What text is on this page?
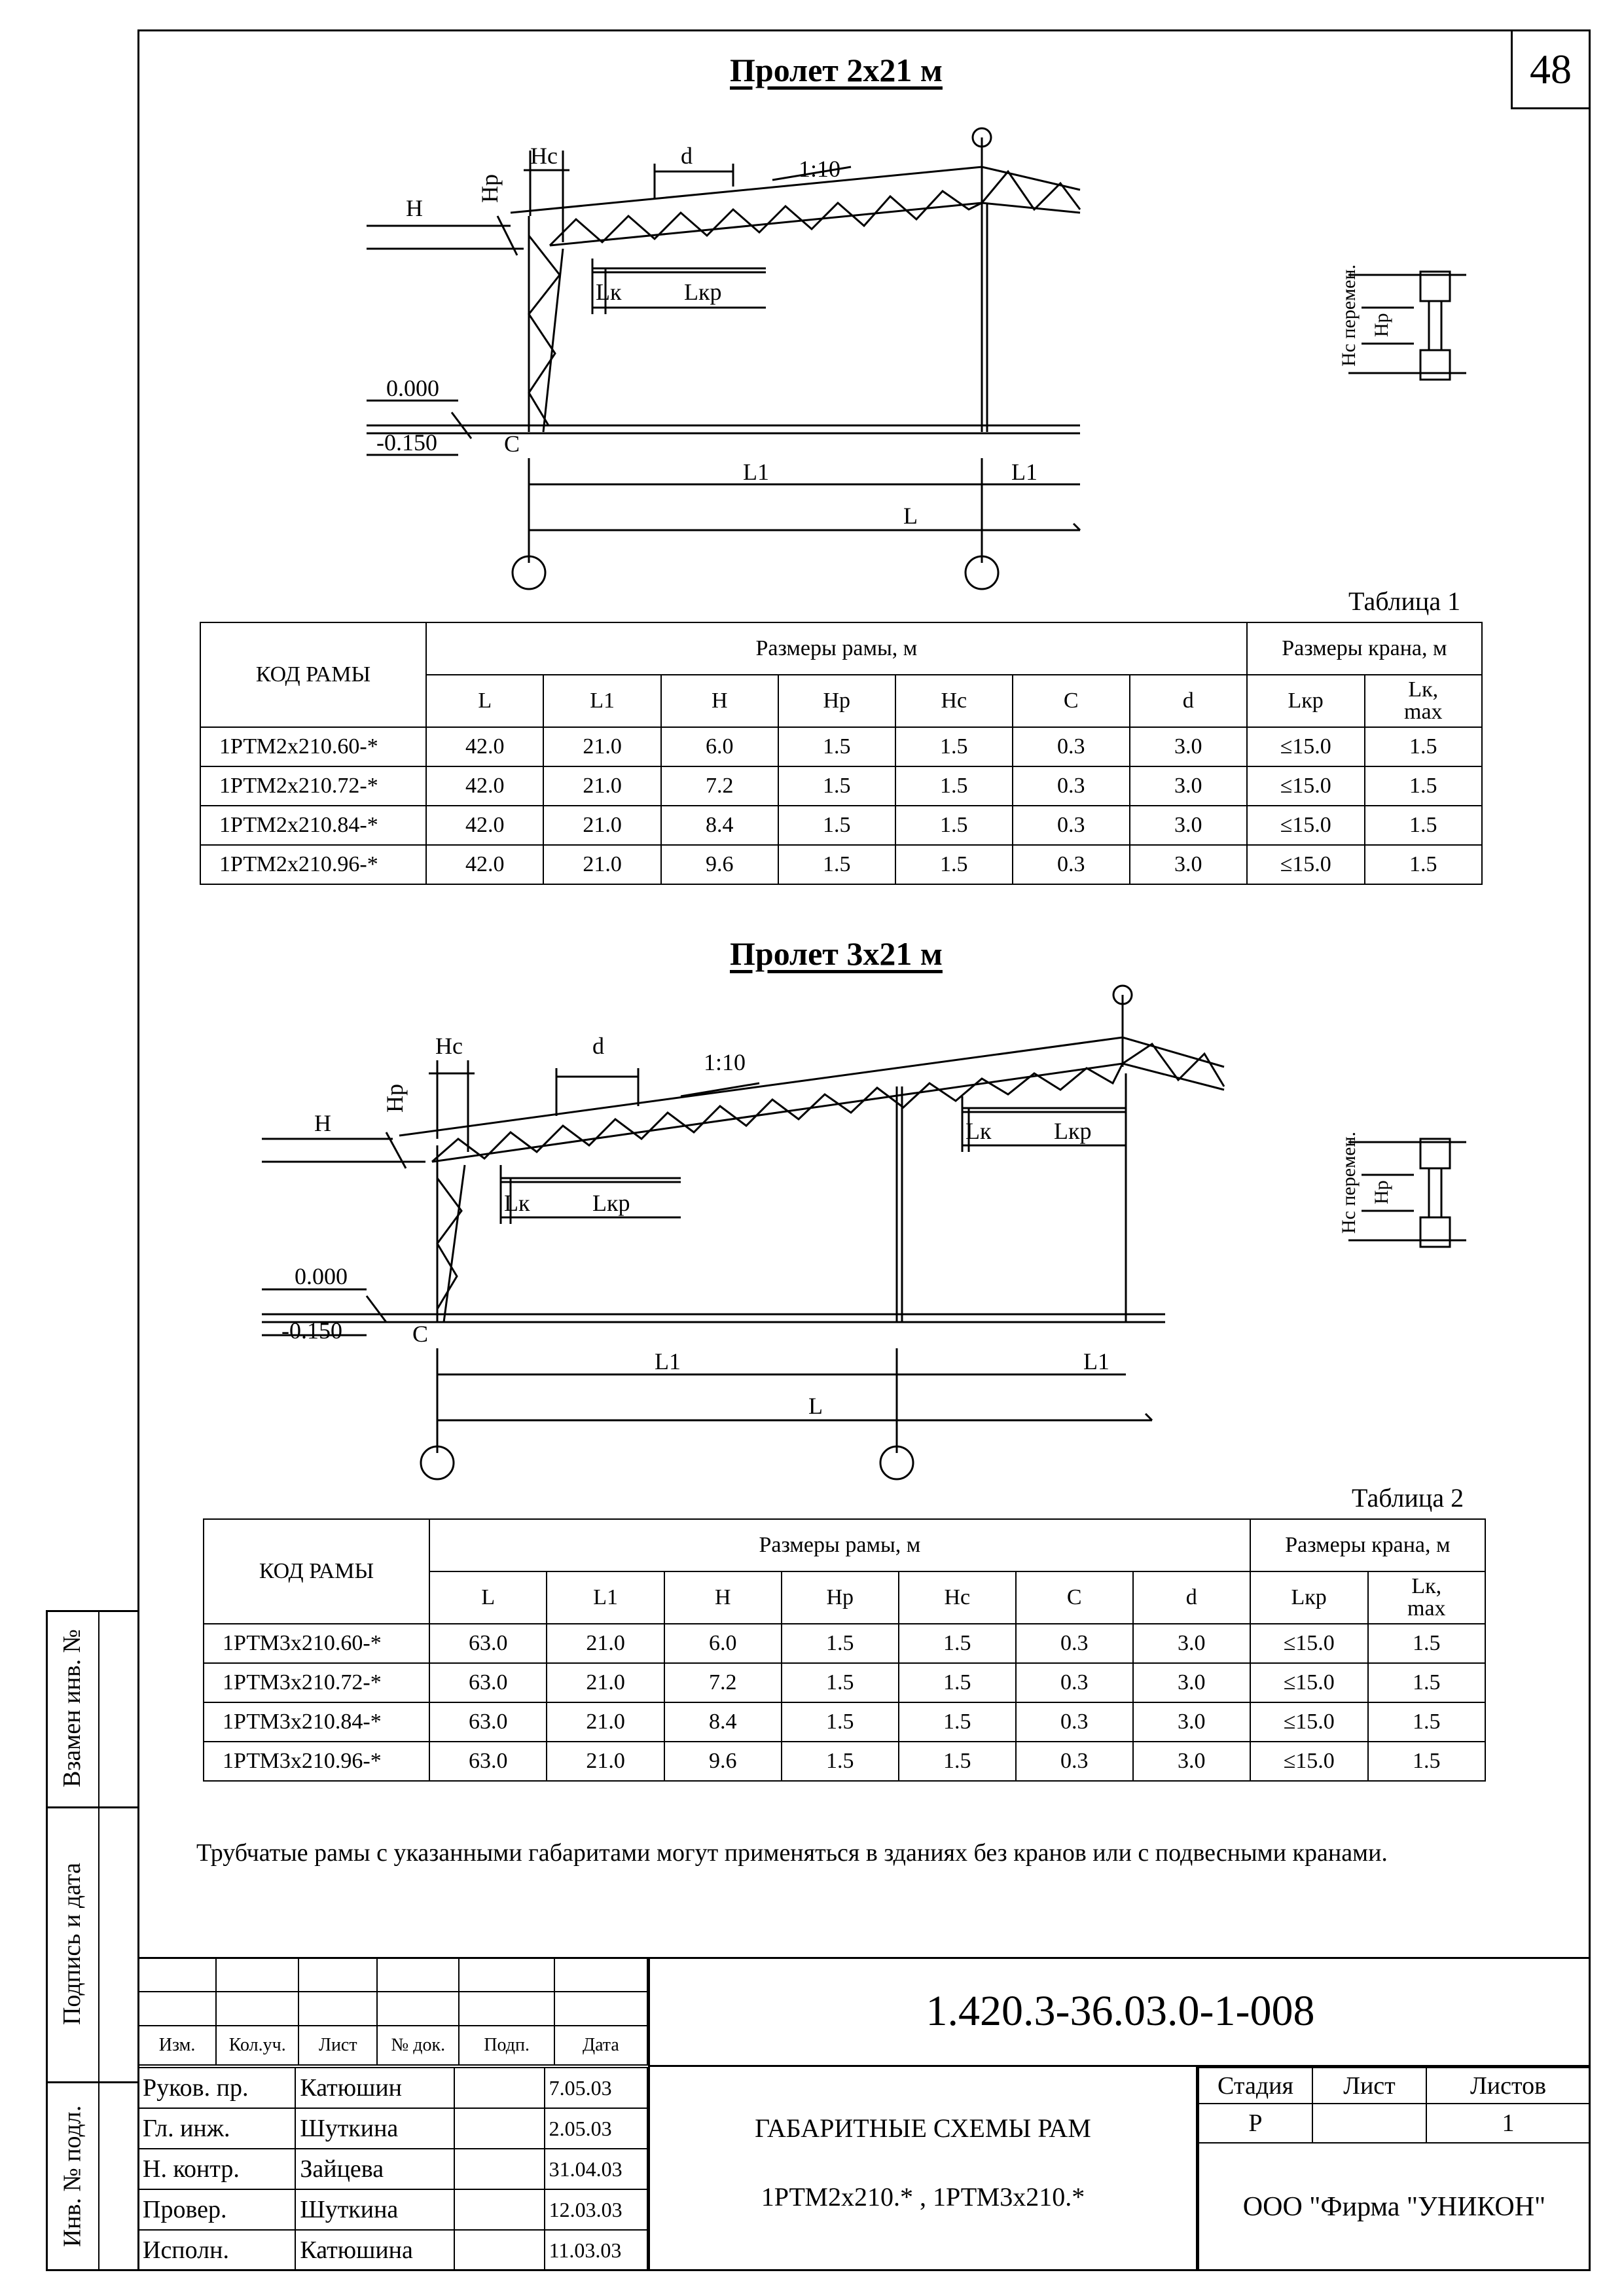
48
Взамен инв. №
Подпись и дата
Инв. № подл.
Пролет 2х21 м
H
Hр
Hс	d	1:10
Lк	Lкр
0.000
-0.150	C
L1	L1
L
Hс перемен. Hр
Таблица 1
КОД РАМЫ	Размеры рамы, м							Размеры крана, м	
	L	L1	H	Hр	Hс	C	d	Lкр	Lк,
max
1РТМ2х210.60-*	42.0	21.0	6.0	1.5	1.5	0.3	3.0	≤15.0	1.5
1РТМ2х210.72-*	42.0	21.0	7.2	1.5	1.5	0.3	3.0	≤15.0	1.5
1РТМ2х210.84-*	42.0	21.0	8.4	1.5	1.5	0.3	3.0	≤15.0	1.5
1РТМ2х210.96-*	42.0	21.0	9.6	1.5	1.5	0.3	3.0	≤15.0	1.5
Пролет 3х21 м
H
Hр
Hс	d
1:10
Lк	Lкр
Lк	Lкр
0.000
-0.150	C
L1	L1
L
Hс перемен. Hр
Таблица 2
КОД РАМЫ	Размеры рамы, м							Размеры крана, м	
	L	L1	H	Hр	Hс	C	d	Lкр	Lк,
max
1РТМ3х210.60-*	63.0	21.0	6.0	1.5	1.5	0.3	3.0	≤15.0	1.5
1РТМ3х210.72-*	63.0	21.0	7.2	1.5	1.5	0.3	3.0	≤15.0	1.5
1РТМ3х210.84-*	63.0	21.0	8.4	1.5	1.5	0.3	3.0	≤15.0	1.5
1РТМ3х210.96-*	63.0	21.0	9.6	1.5	1.5	0.3	3.0	≤15.0	1.5
Трубчатые рамы с указанными габаритами могут применяться в зданиях без кранов или с подвесными кранами.

Изм.	Кол.уч.	Лист	№ док.	Подп.	Дата
Руков. пр.	Катюшин		7.05.03
Гл. инж.	Шуткина		2.05.03
Н. контр.	Зайцева		31.04.03
Провер.	Шуткина		12.03.03
Исполн.	Катюшина		11.03.03
1.420.3-36.03.0-1-008
ГАБАРИТНЫЕ СХЕМЫ РАМ
1РТМ2х210.* , 1РТМ3х210.*
Стадия	Лист	Листов
Р		1
ООО "Фирма "УНИКОН"		
